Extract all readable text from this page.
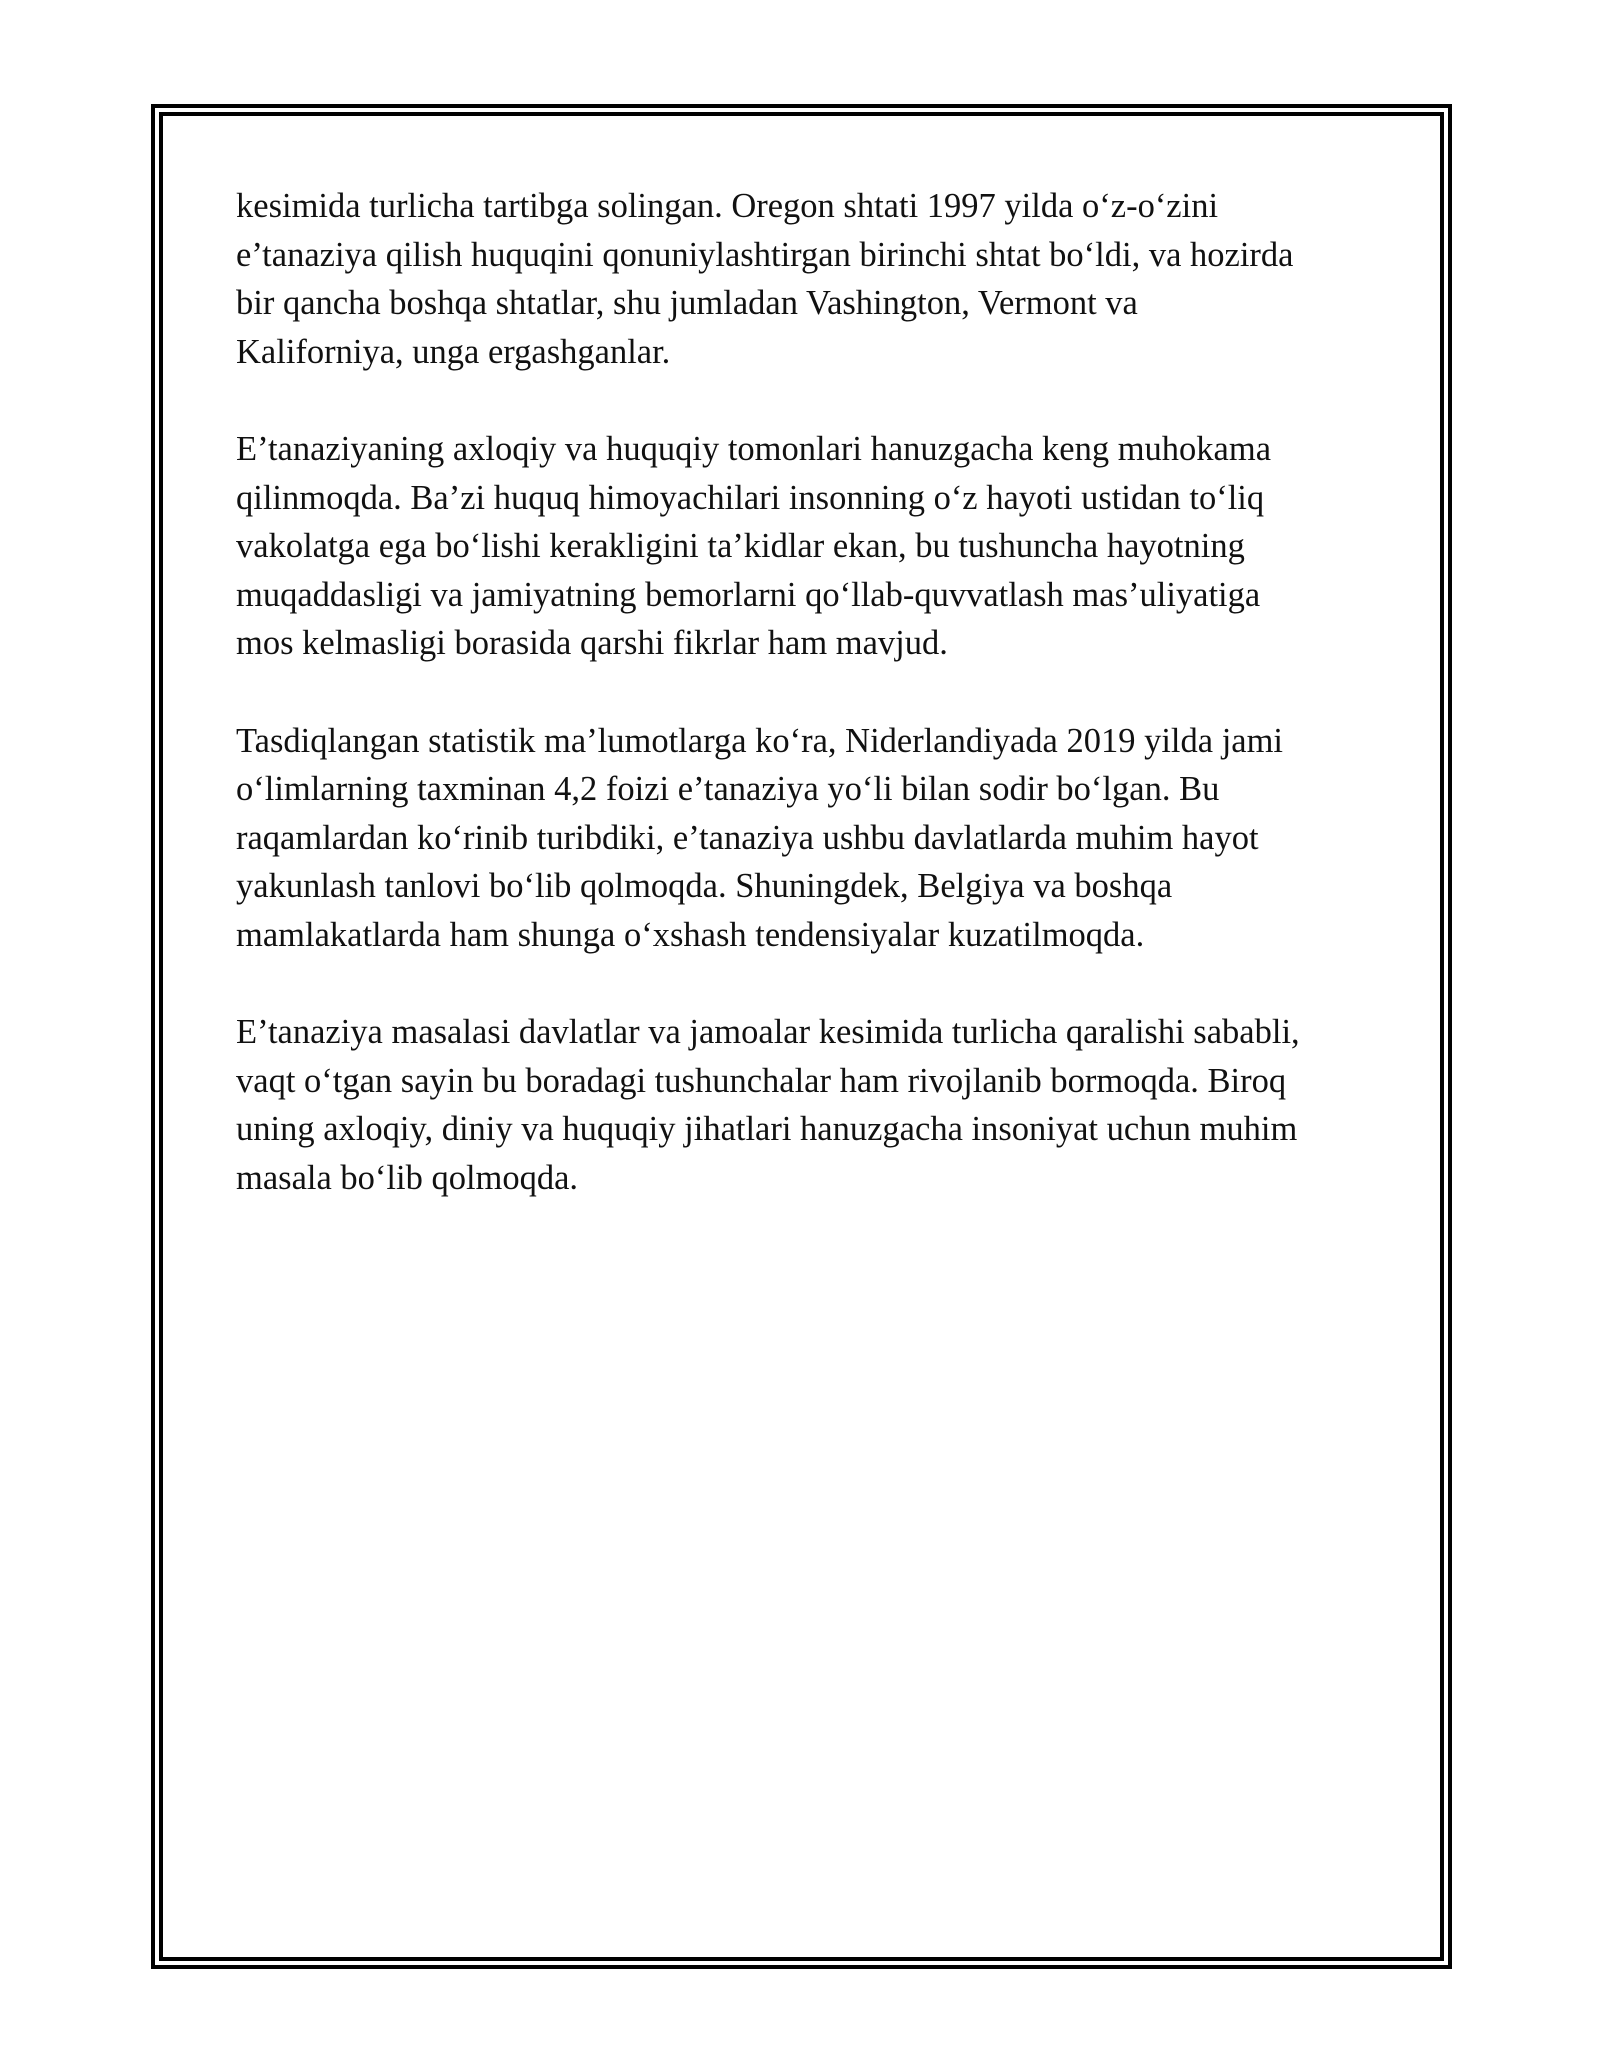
kesimida turlicha tartibga solingan. Oregon shtati 1997 yilda o‘z-o‘zini
e’tanaziya qilish huquqini qonuniylashtirgan birinchi shtat bo‘ldi, va hozirda
bir qancha boshqa shtatlar, shu jumladan Vashington, Vermont va
Kaliforniya, unga ergashganlar.

E’tanaziyaning axloqiy va huquqiy tomonlari hanuzgacha keng muhokama
qilinmoqda. Ba’zi huquq himoyachilari insonning o‘z hayoti ustidan to‘liq
vakolatga ega bo‘lishi kerakligini ta’kidlar ekan, bu tushuncha hayotning
muqaddasligi va jamiyatning bemorlarni qo‘llab-quvvatlash mas’uliyatiga
mos kelmasligi borasida qarshi fikrlar ham mavjud.

Tasdiqlangan statistik ma’lumotlarga ko‘ra, Niderlandiyada 2019 yilda jami
o‘limlarning taxminan 4,2 foizi e’tanaziya yo‘li bilan sodir bo‘lgan. Bu
raqamlardan ko‘rinib turibdiki, e’tanaziya ushbu davlatlarda muhim hayot
yakunlash tanlovi bo‘lib qolmoqda. Shuningdek, Belgiya va boshqa
mamlakatlarda ham shunga o‘xshash tendensiyalar kuzatilmoqda.

E’tanaziya masalasi davlatlar va jamoalar kesimida turlicha qaralishi sababli,
vaqt o‘tgan sayin bu boradagi tushunchalar ham rivojlanib bormoqda. Biroq
uning axloqiy, diniy va huquqiy jihatlari hanuzgacha insoniyat uchun muhim
masala bo‘lib qolmoqda.
